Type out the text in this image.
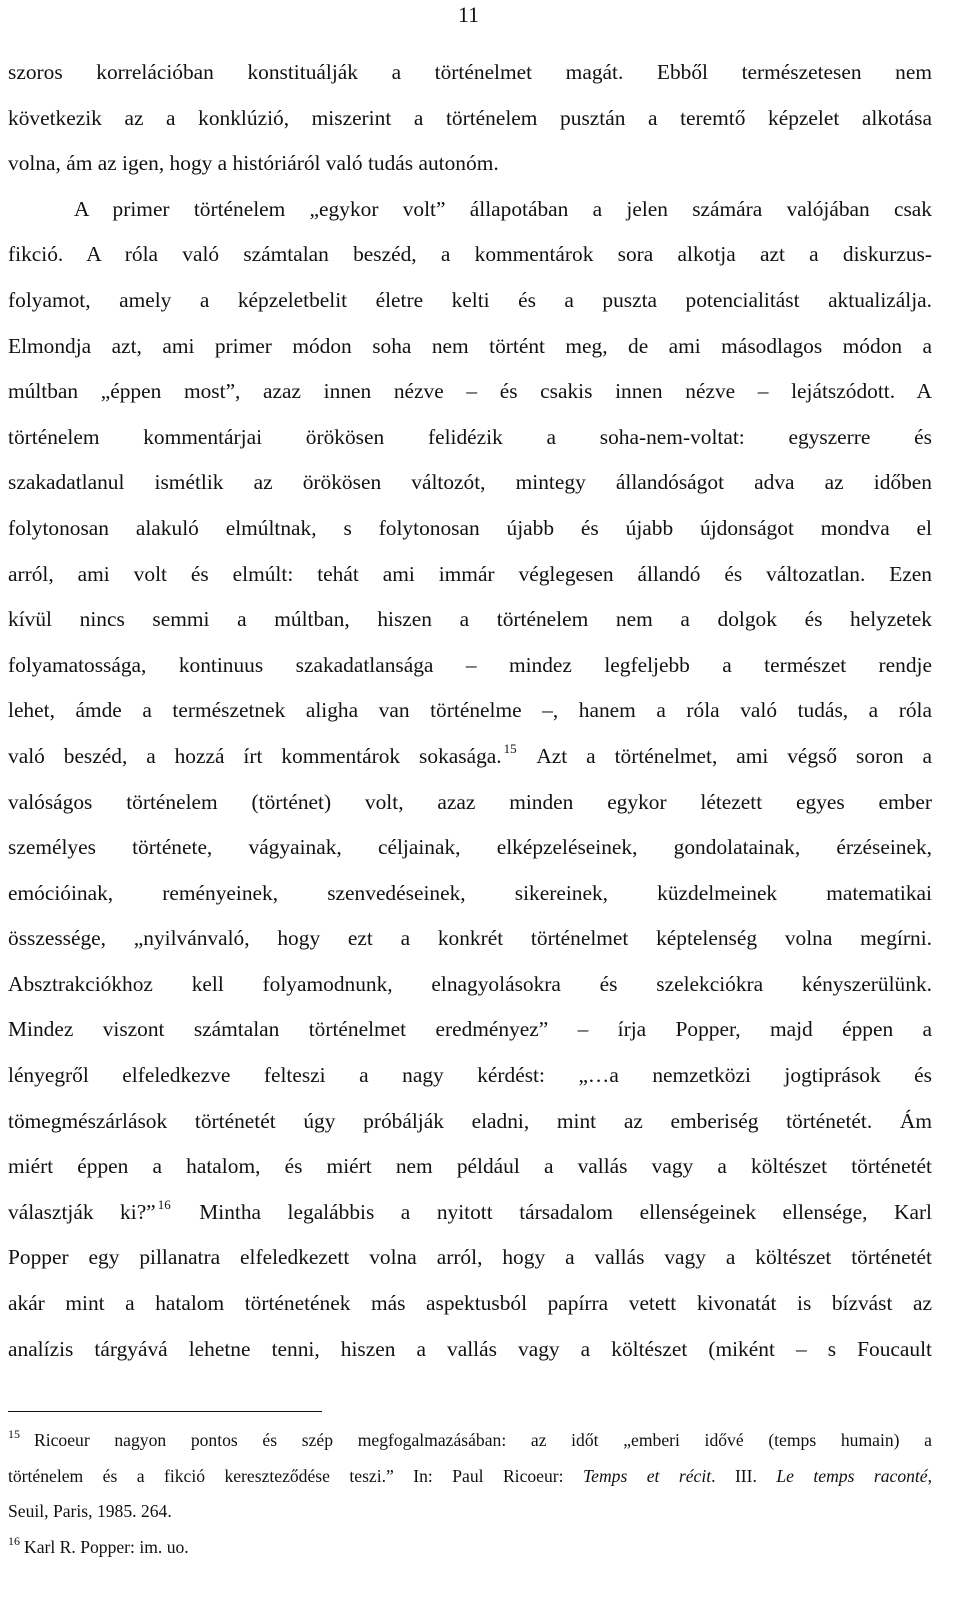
11
szoros korrelációban konstituálják a történelmet magát. Ebből természetesen nem
következik az a konklúzió, miszerint a történelem pusztán a teremtő képzelet alkotása
volna, ám az igen, hogy a históriáról való tudás autonóm.
A primer történelem „egykor volt” állapotában a jelen számára valójában csak
fikció. A róla való számtalan beszéd, a kommentárok sora alkotja azt a diskurzus-
folyamot, amely a képzeletbelit életre kelti és a puszta potencialitást aktualizálja.
Elmondja azt, ami primer módon soha nem történt meg, de ami másodlagos módon a
múltban „éppen most”, azaz innen nézve – és csakis innen nézve – lejátszódott. A
történelem kommentárjai örökösen felidézik a soha-nem-voltat: egyszerre és
szakadatlanul ismétlik az örökösen változót, mintegy állandóságot adva az időben
folytonosan alakuló elmúltnak, s folytonosan újabb és újabb újdonságot mondva el
arról, ami volt és elmúlt: tehát ami immár véglegesen állandó és változatlan. Ezen
kívül nincs semmi a múltban, hiszen a történelem nem a dolgok és helyzetek
folyamatossága, kontinuus szakadatlansága – mindez legfeljebb a természet rendje
lehet, ámde a természetnek aligha van történelme –, hanem a róla való tudás, a róla
való beszéd, a hozzá írt kommentárok sokasága. $^{15}$ Azt a történelmet, ami végső soron a
valóságos történelem (történet) volt, azaz minden egykor létezett egyes ember
személyes története, vágyainak, céljainak, elképzeléseinek, gondolatainak, érzéseinek,
emócióinak, reményeinek, szenvedéseinek, sikereinek, küzdelmeinek matematikai
összessége, „nyilvánvaló, hogy ezt a konkrét történelmet képtelenség volna megírni.
Absztrakciókhoz kell folyamodnunk, elnagyolásokra és szelekciókra kényszerülünk.
Mindez viszont számtalan történelmet eredményez” – írja Popper, majd éppen a
lényegről elfeledkezve felteszi a nagy kérdést: „…a nemzetközi jogtiprások és
tömegmészárlások történetét úgy próbálják eladni, mint az emberiség történetét. Ám
miért éppen a hatalom, és miért nem például a vallás vagy a költészet történetét
választják ki?” $^{16}$ Mintha legalábbis a nyitott társadalom ellenségeinek ellensége, Karl
Popper egy pillanatra elfeledkezett volna arról, hogy a vallás vagy a költészet történetét
akár mint a hatalom történetének más aspektusból papírra vetett kivonatát is bízvást az
analízis tárgyává lehetne tenni, hiszen a vallás vagy a költészet (miként – s Foucault
$^{15}$ Ricoeur nagyon pontos és szép megfogalmazásában: az időt „emberi idővé (temps humain) a
történelem és a fikció kereszteződése teszi.” In: Paul Ricoeur: Temps et récit. III. Le temps raconté,
Seuil, Paris, 1985. 264.
$^{16}$ Karl R. Popper: im. uo.
